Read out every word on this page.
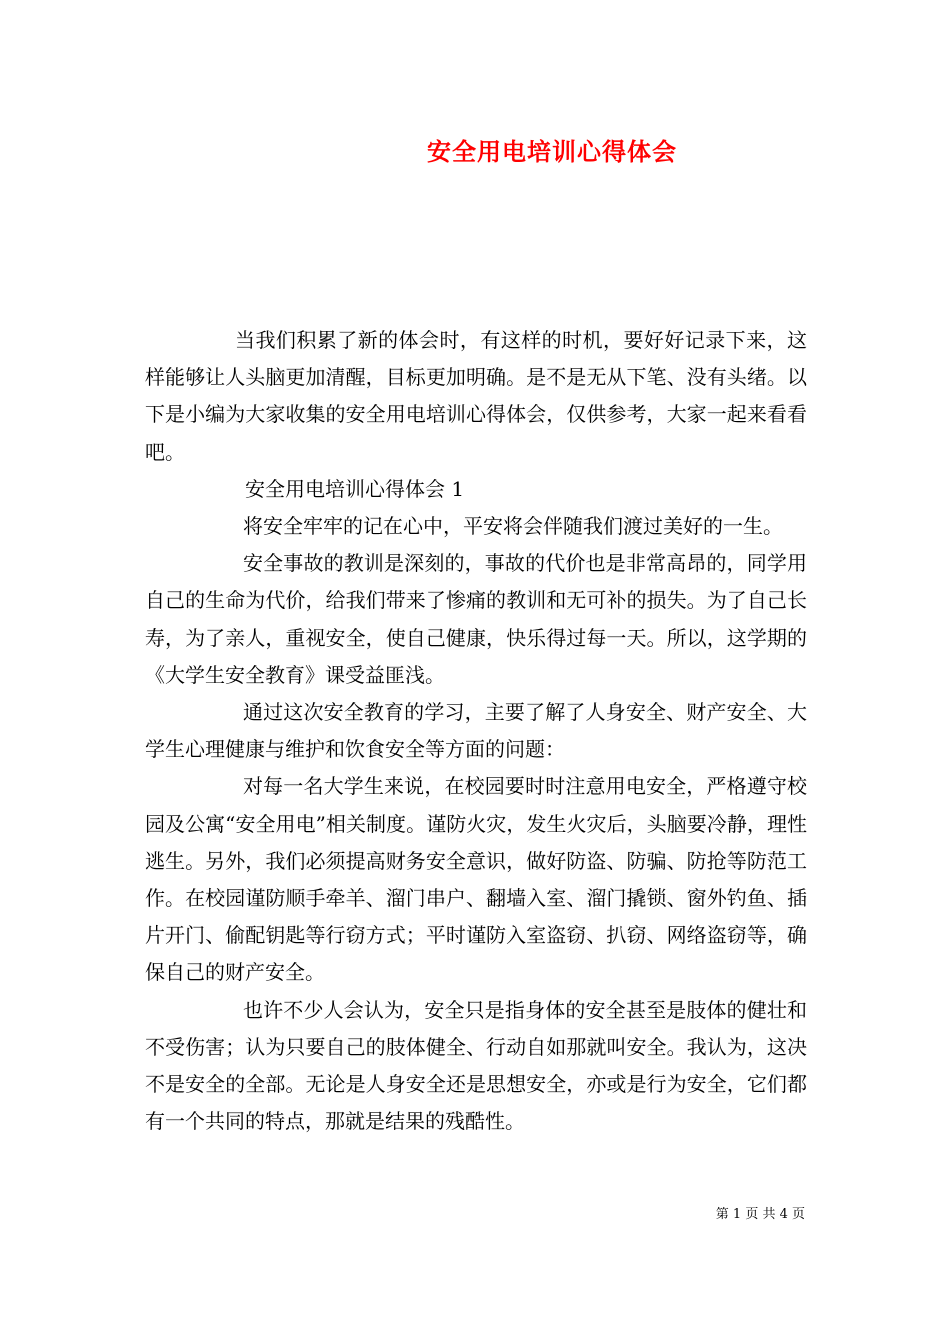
安全用电培训心得体会

当我们积累了新的体会时，有这样的时机，要好好记录下来，这样能够让人头脑更加清醒，目标更加明确。是不是无从下笔、没有头绪。以下是小编为大家收集的安全用电培训心得体会，仅供参考，大家一起来看看吧。

安全用电培训心得体会 1

将安全牢牢的记在心中，平安将会伴随我们渡过美好的一生。

安全事故的教训是深刻的，事故的代价也是非常高昂的，同学用自己的生命为代价，给我们带来了惨痛的教训和无可补的损失。为了自己长寿，为了亲人，重视安全，使自己健康，快乐得过每一天。所以，这学期的《大学生安全教育》课受益匪浅。

通过这次安全教育的学习，主要了解了人身安全、财产安全、大学生心理健康与维护和饮食安全等方面的问题：

对每一名大学生来说，在校园要时时注意用电安全，严格遵守校园及公寓“安全用电”相关制度。谨防火灾，发生火灾后，头脑要冷静，理性逃生。另外，我们必须提高财务安全意识，做好防盗、防骗、防抢等防范工作。在校园谨防顺手牵羊、溜门串户、翻墙入室、溜门撬锁、窗外钓鱼、插片开门、偷配钥匙等行窃方式；平时谨防入室盗窃、扒窃、网络盗窃等，确保自己的财产安全。

也许不少人会认为，安全只是指身体的安全甚至是肢体的健壮和不受伤害；认为只要自己的肢体健全、行动自如那就叫安全。我认为，这决不是安全的全部。无论是人身安全还是思想安全，亦或是行为安全，它们都有一个共同的特点，那就是结果的残酷性。

第 1 页 共 4 页
